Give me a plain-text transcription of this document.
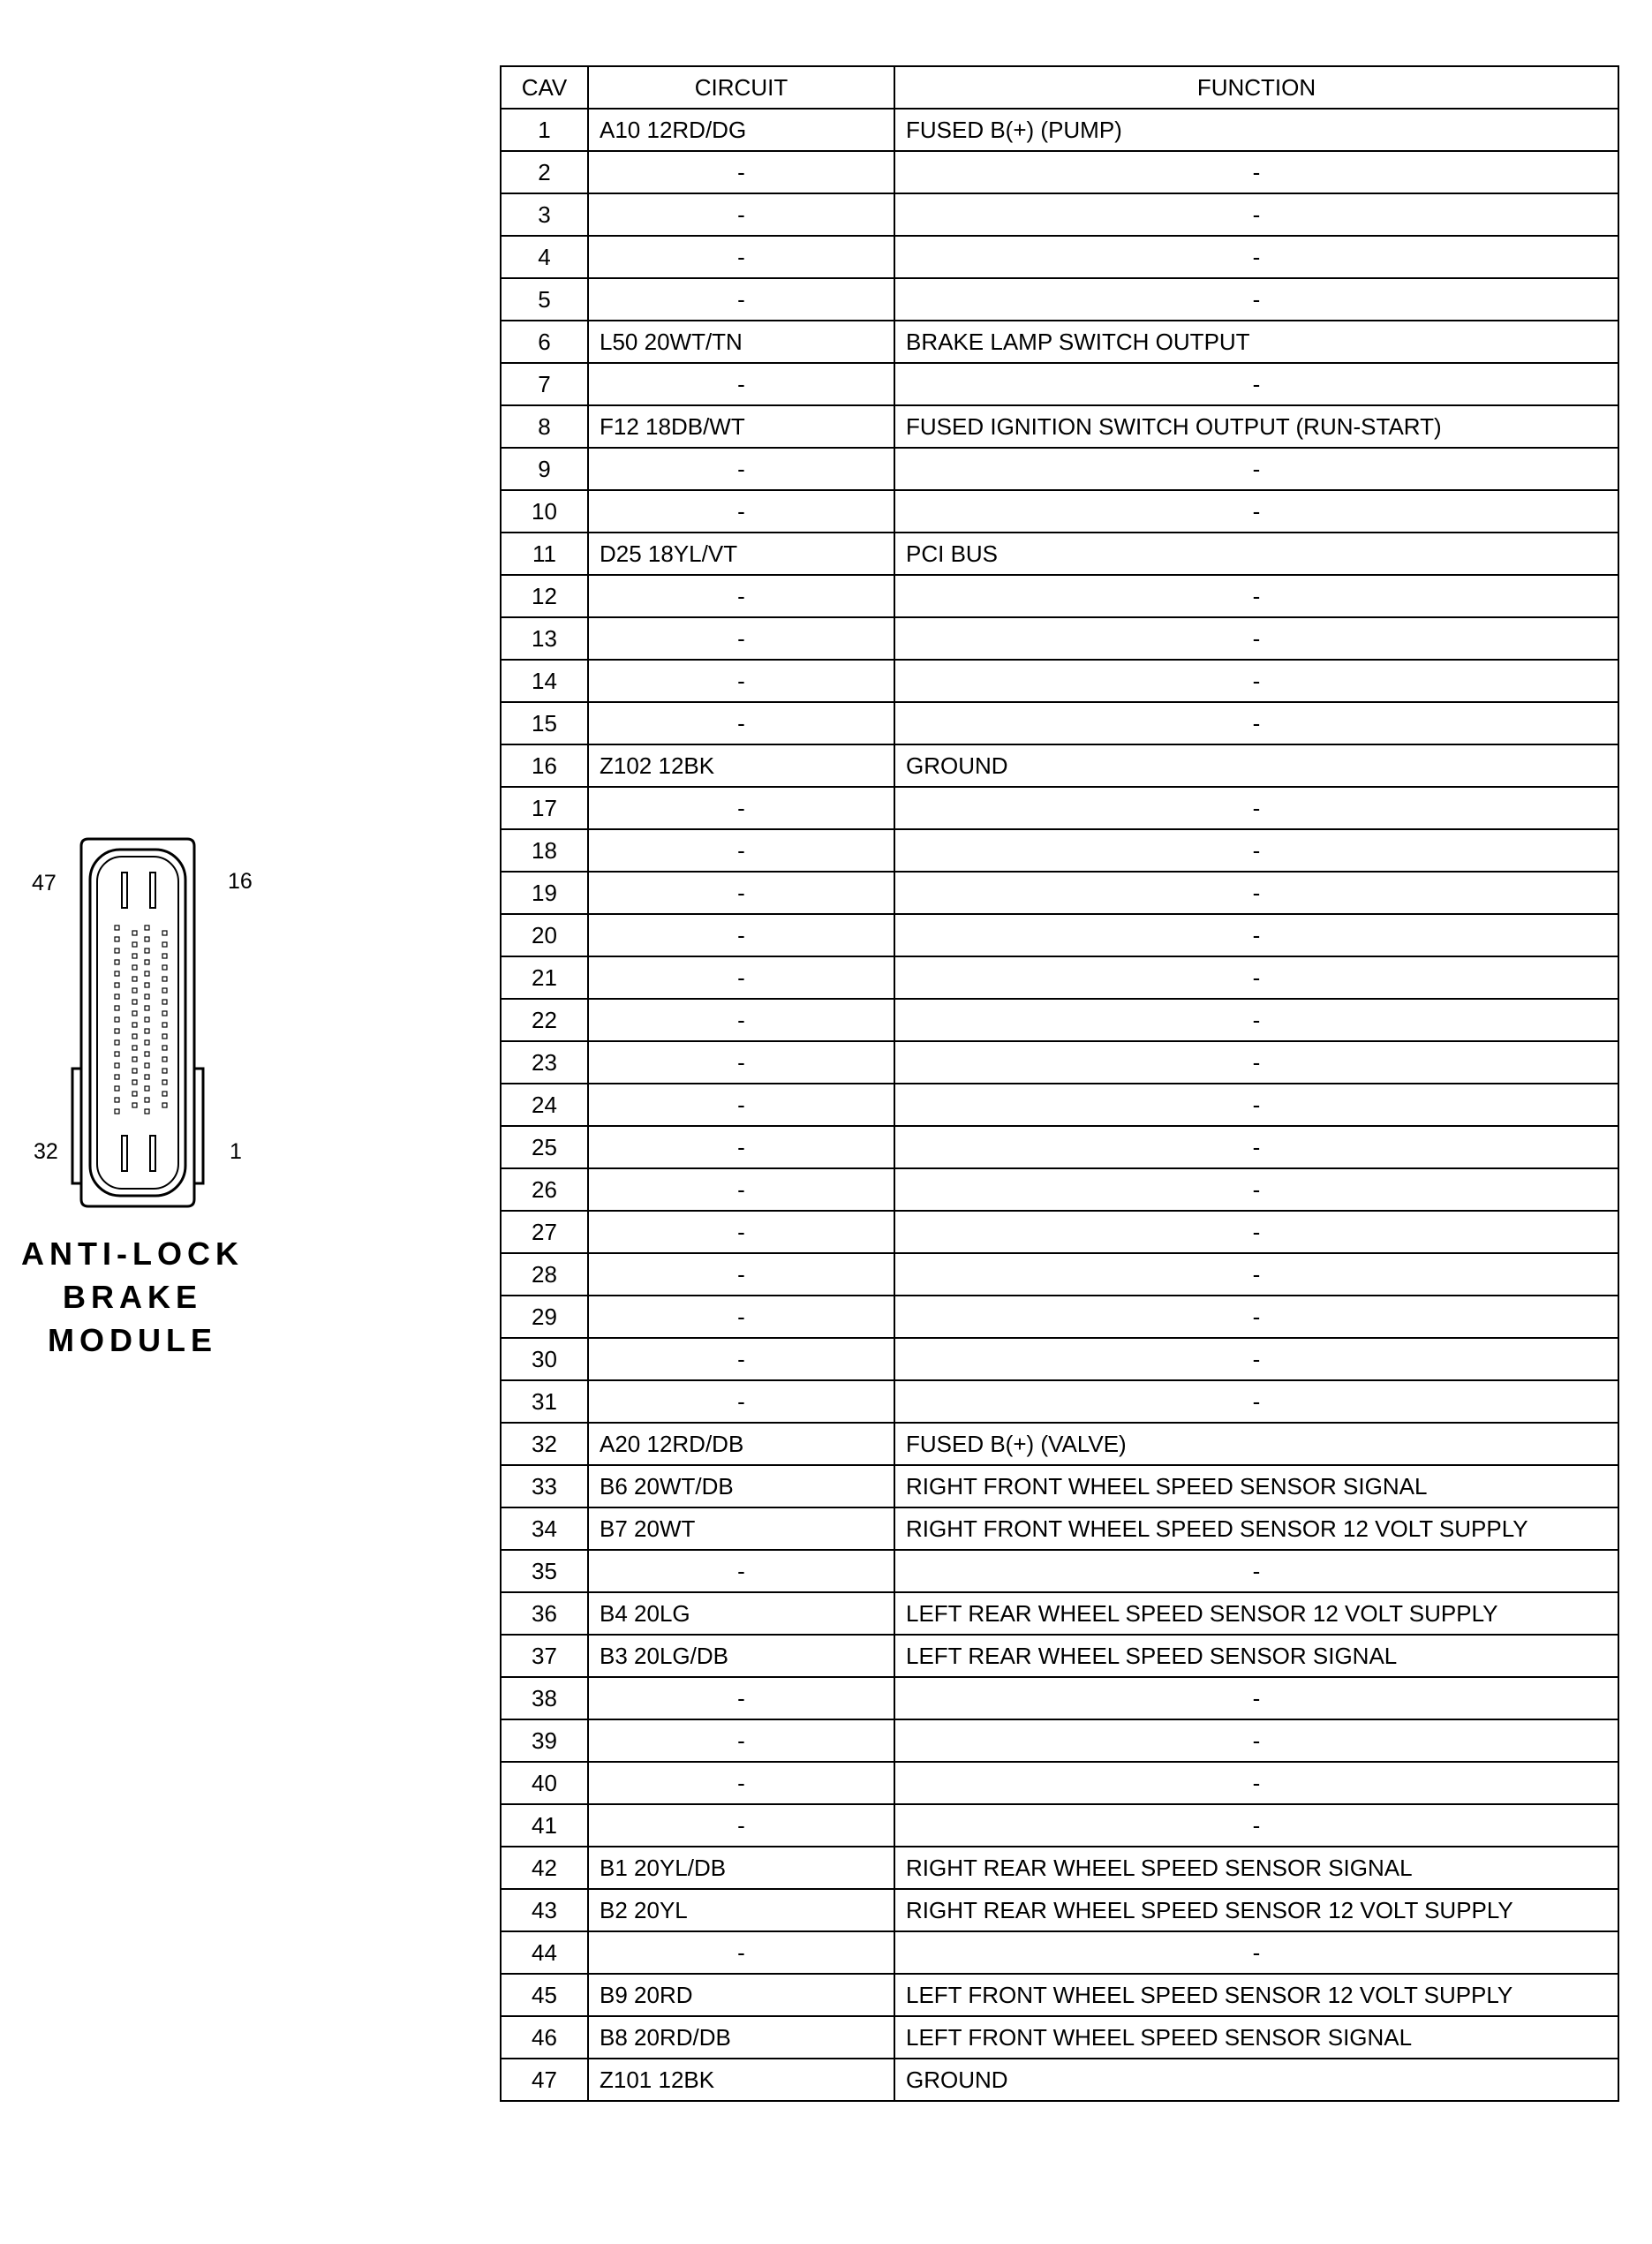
47	16
32	1
ANTI-LOCK
BRAKE
MODULE
CAV	CIRCUIT	FUNCTION
1	A10 12RD/DG	FUSED B(+) (PUMP)
2	-	-
3	-	-
4	-	-
5	-	-
6	L50 20WT/TN	BRAKE LAMP SWITCH OUTPUT
7	-	-
8	F12 18DB/WT	FUSED IGNITION SWITCH OUTPUT (RUN-START)
9	-	-
10	-	-
11	D25 18YL/VT	PCI BUS
12	-	-
13	-	-
14	-	-
15	-	-
16	Z102 12BK	GROUND
17	-	-
18	-	-
19	-	-
20	-	-
21	-	-
22	-	-
23	-	-
24	-	-
25	-	-
26	-	-
27	-	-
28	-	-
29	-	-
30	-	-
31	-	-
32	A20 12RD/DB	FUSED B(+) (VALVE)
33	B6 20WT/DB	RIGHT FRONT WHEEL SPEED SENSOR SIGNAL
34	B7 20WT	RIGHT FRONT WHEEL SPEED SENSOR 12 VOLT SUPPLY
35	-	-
36	B4 20LG	LEFT REAR WHEEL SPEED SENSOR 12 VOLT SUPPLY
37	B3 20LG/DB	LEFT REAR WHEEL SPEED SENSOR SIGNAL
38	-	-
39	-	-
40	-	-
41	-	-
42	B1 20YL/DB	RIGHT REAR WHEEL SPEED SENSOR SIGNAL
43	B2 20YL	RIGHT REAR WHEEL SPEED SENSOR 12 VOLT SUPPLY
44	-	-
45	B9 20RD	LEFT FRONT WHEEL SPEED SENSOR 12 VOLT SUPPLY
46	B8 20RD/DB	LEFT FRONT WHEEL SPEED SENSOR SIGNAL
47	Z101 12BK	GROUND
